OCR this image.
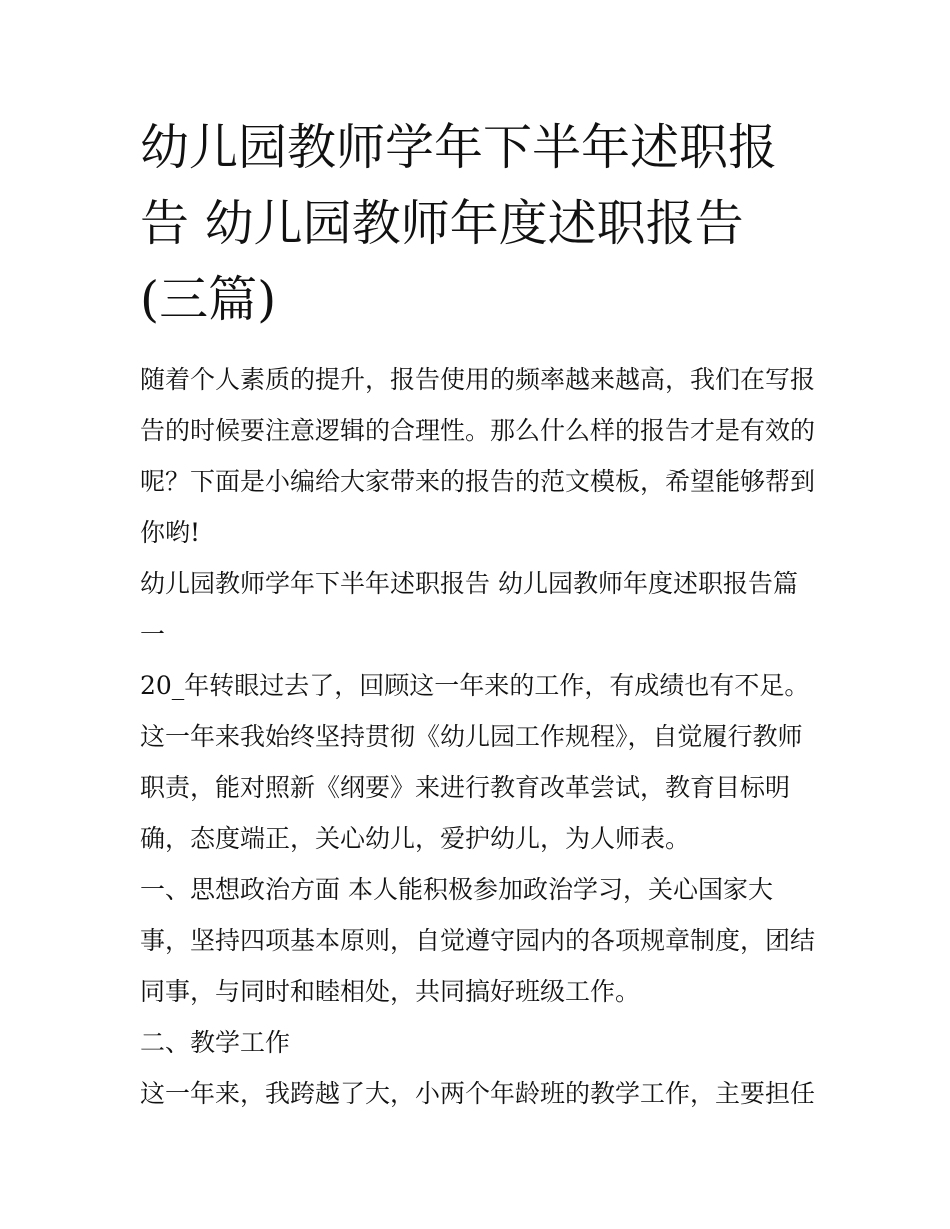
幼儿园教师学年下半年述职报
告 幼儿园教师年度述职报告
(三篇)
随着个人素质的提升，报告使用的频率越来越高，我们在写报
告的时候要注意逻辑的合理性。那么什么样的报告才是有效的
呢？下面是小编给大家带来的报告的范文模板，希望能够帮到
你哟!
幼儿园教师学年下半年述职报告 幼儿园教师年度述职报告篇
一
20_年转眼过去了，回顾这一年来的工作，有成绩也有不足。
这一年来我始终坚持贯彻《幼儿园工作规程》，自觉履行教师
职责，能对照新《纲要》来进行教育改革尝试，教育目标明
确，态度端正，关心幼儿，爱护幼儿，为人师表。
一、思想政治方面 本人能积极参加政治学习，关心国家大
事，坚持四项基本原则，自觉遵守园内的各项规章制度，团结
同事，与同时和睦相处，共同搞好班级工作。
二、教学工作
这一年来，我跨越了大，小两个年龄班的教学工作，主要担任
